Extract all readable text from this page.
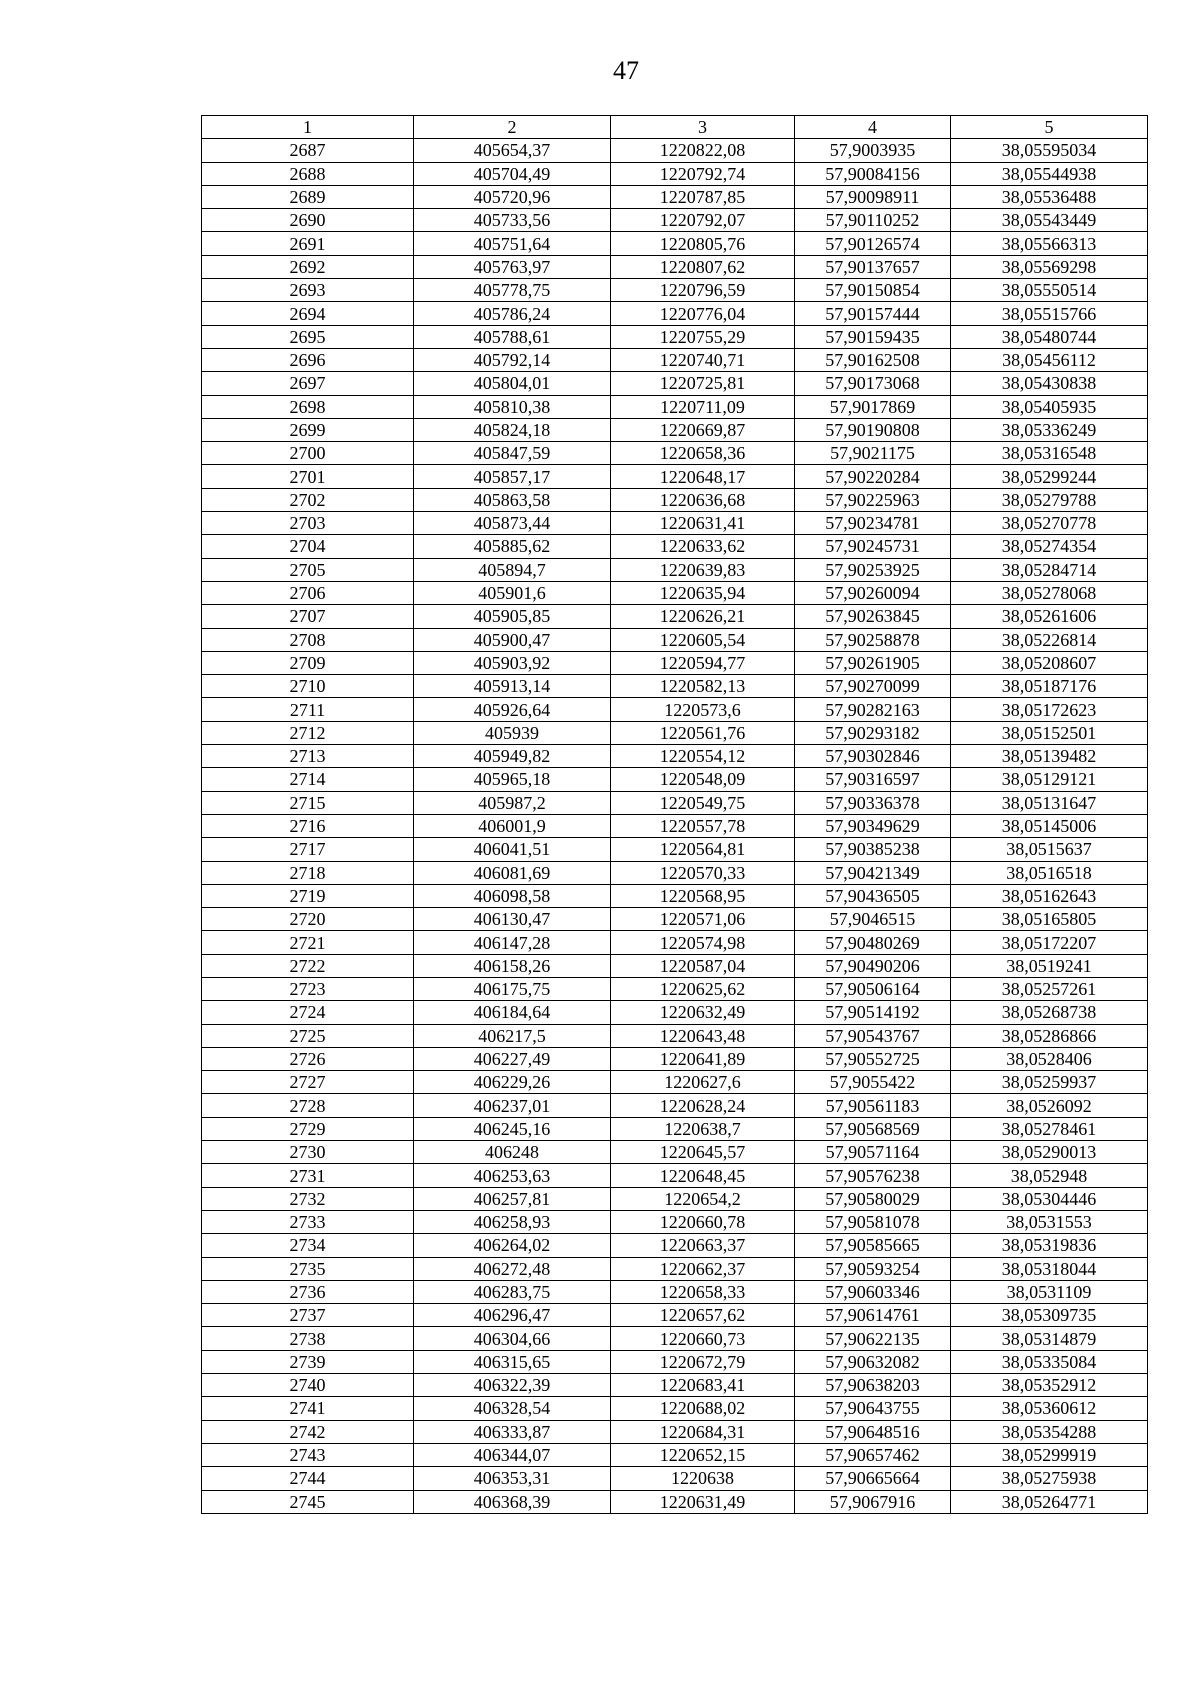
47
1	2	3	4	5
2687	405654,37	1220822,08	57,9003935	38,05595034
2688	405704,49	1220792,74	57,90084156	38,05544938
2689	405720,96	1220787,85	57,90098911	38,05536488
2690	405733,56	1220792,07	57,90110252	38,05543449
2691	405751,64	1220805,76	57,90126574	38,05566313
2692	405763,97	1220807,62	57,90137657	38,05569298
2693	405778,75	1220796,59	57,90150854	38,05550514
2694	405786,24	1220776,04	57,90157444	38,05515766
2695	405788,61	1220755,29	57,90159435	38,05480744
2696	405792,14	1220740,71	57,90162508	38,05456112
2697	405804,01	1220725,81	57,90173068	38,05430838
2698	405810,38	1220711,09	57,9017869	38,05405935
2699	405824,18	1220669,87	57,90190808	38,05336249
2700	405847,59	1220658,36	57,9021175	38,05316548
2701	405857,17	1220648,17	57,90220284	38,05299244
2702	405863,58	1220636,68	57,90225963	38,05279788
2703	405873,44	1220631,41	57,90234781	38,05270778
2704	405885,62	1220633,62	57,90245731	38,05274354
2705	405894,7	1220639,83	57,90253925	38,05284714
2706	405901,6	1220635,94	57,90260094	38,05278068
2707	405905,85	1220626,21	57,90263845	38,05261606
2708	405900,47	1220605,54	57,90258878	38,05226814
2709	405903,92	1220594,77	57,90261905	38,05208607
2710	405913,14	1220582,13	57,90270099	38,05187176
2711	405926,64	1220573,6	57,90282163	38,05172623
2712	405939	1220561,76	57,90293182	38,05152501
2713	405949,82	1220554,12	57,90302846	38,05139482
2714	405965,18	1220548,09	57,90316597	38,05129121
2715	405987,2	1220549,75	57,90336378	38,05131647
2716	406001,9	1220557,78	57,90349629	38,05145006
2717	406041,51	1220564,81	57,90385238	38,0515637
2718	406081,69	1220570,33	57,90421349	38,0516518
2719	406098,58	1220568,95	57,90436505	38,05162643
2720	406130,47	1220571,06	57,9046515	38,05165805
2721	406147,28	1220574,98	57,90480269	38,05172207
2722	406158,26	1220587,04	57,90490206	38,0519241
2723	406175,75	1220625,62	57,90506164	38,05257261
2724	406184,64	1220632,49	57,90514192	38,05268738
2725	406217,5	1220643,48	57,90543767	38,05286866
2726	406227,49	1220641,89	57,90552725	38,0528406
2727	406229,26	1220627,6	57,9055422	38,05259937
2728	406237,01	1220628,24	57,90561183	38,0526092
2729	406245,16	1220638,7	57,90568569	38,05278461
2730	406248	1220645,57	57,90571164	38,05290013
2731	406253,63	1220648,45	57,90576238	38,052948
2732	406257,81	1220654,2	57,90580029	38,05304446
2733	406258,93	1220660,78	57,90581078	38,0531553
2734	406264,02	1220663,37	57,90585665	38,05319836
2735	406272,48	1220662,37	57,90593254	38,05318044
2736	406283,75	1220658,33	57,90603346	38,0531109
2737	406296,47	1220657,62	57,90614761	38,05309735
2738	406304,66	1220660,73	57,90622135	38,05314879
2739	406315,65	1220672,79	57,90632082	38,05335084
2740	406322,39	1220683,41	57,90638203	38,05352912
2741	406328,54	1220688,02	57,90643755	38,05360612
2742	406333,87	1220684,31	57,90648516	38,05354288
2743	406344,07	1220652,15	57,90657462	38,05299919
2744	406353,31	1220638	57,90665664	38,05275938
2745	406368,39	1220631,49	57,9067916	38,05264771
